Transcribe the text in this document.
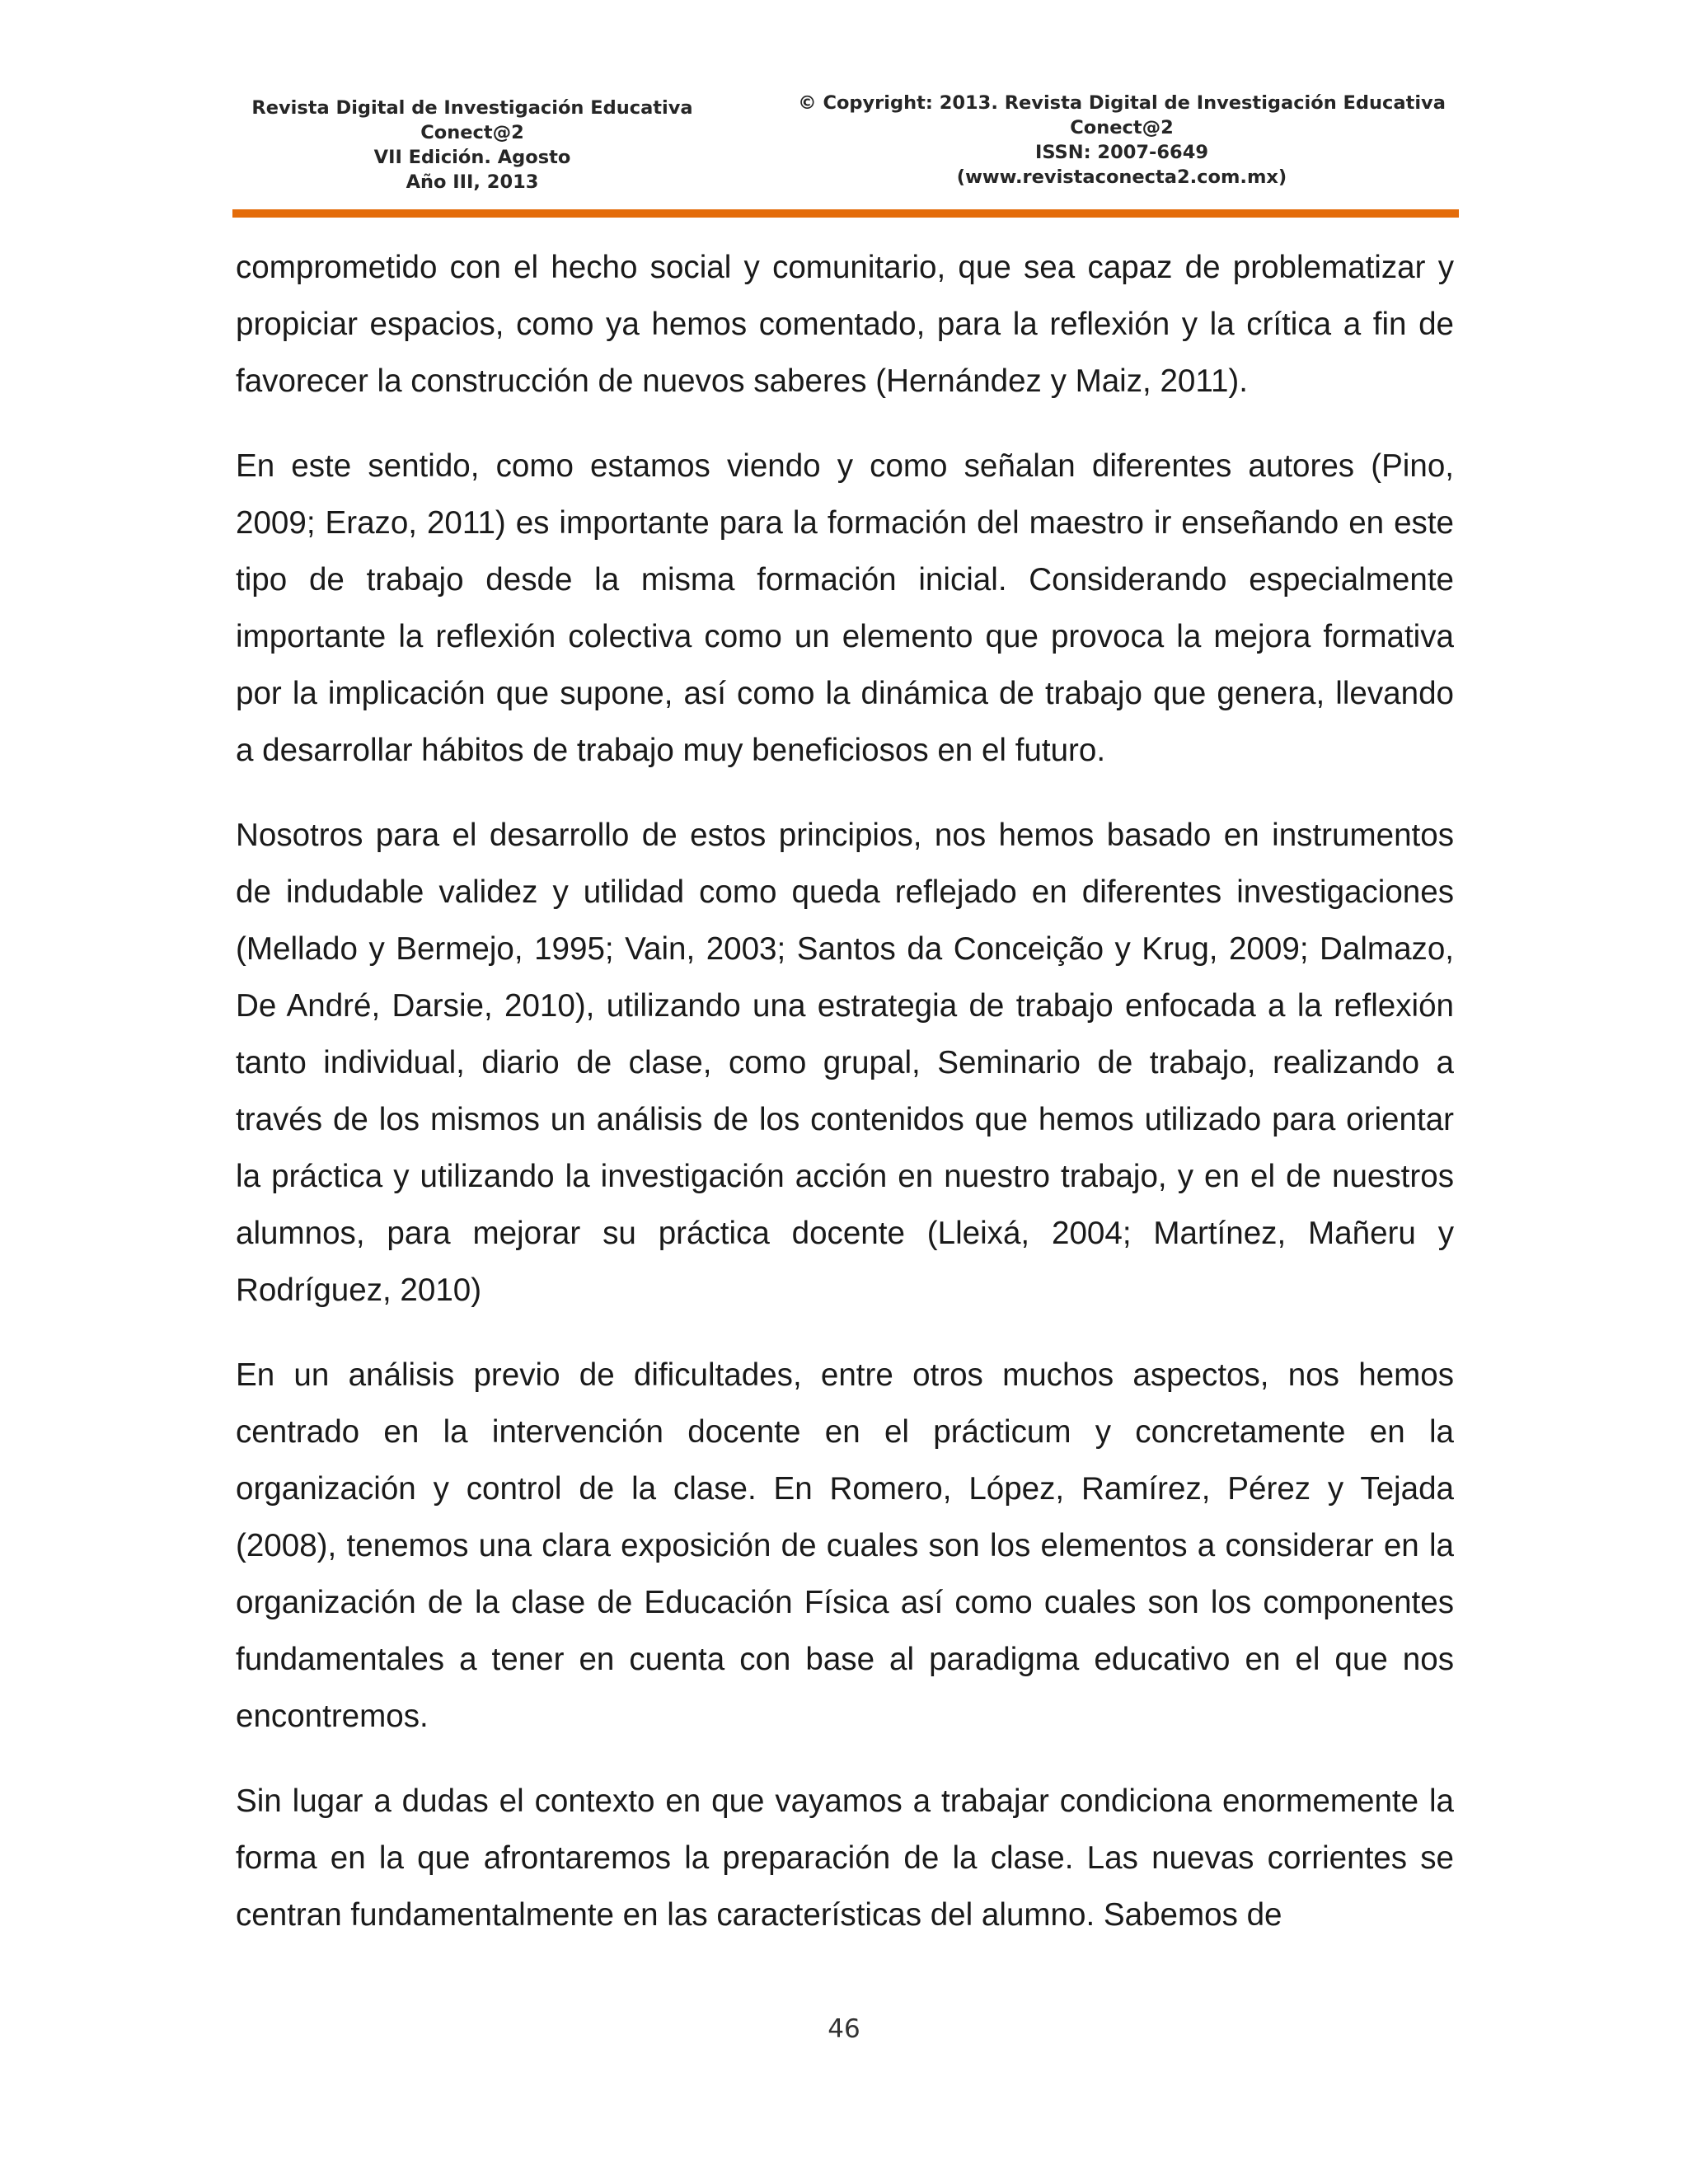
Revista Digital de Investigación Educativa
Conect@2
VII Edición. Agosto
Año III, 2013
© Copyright: 2013. Revista Digital de Investigación Educativa
Conect@2
ISSN: 2007-6649
(www.revistaconecta2.com.mx)

comprometido con el hecho social y comunitario, que sea capaz de problematizar y propiciar espacios, como ya hemos comentado, para la reflexión y la crítica a fin de favorecer la construcción de nuevos saberes (Hernández y Maiz, 2011).

En este sentido, como estamos viendo y como señalan diferentes autores (Pino, 2009; Erazo, 2011) es importante para la formación del maestro ir enseñando en este tipo de trabajo desde la misma formación inicial. Considerando especialmente importante la reflexión colectiva como un elemento que provoca la mejora formativa por la implicación que supone, así como la dinámica de trabajo que genera, llevando a desarrollar hábitos de trabajo muy beneficiosos en el futuro.

Nosotros para el desarrollo de estos principios, nos hemos basado en instrumentos de indudable validez y utilidad como queda reflejado en diferentes investigaciones (Mellado y Bermejo, 1995; Vain, 2003; Santos da Conceição y Krug, 2009; Dalmazo, De André, Darsie, 2010), utilizando una estrategia de trabajo enfocada a la reflexión tanto individual, diario de clase, como grupal, Seminario de trabajo, realizando a través de los mismos un análisis de los contenidos que hemos utilizado para orientar la práctica y utilizando la investigación acción en nuestro trabajo, y en el de nuestros alumnos, para mejorar su práctica docente (Lleixá, 2004; Martínez, Mañeru y Rodríguez, 2010)

En un análisis previo de dificultades, entre otros muchos aspectos, nos hemos centrado en la intervención docente en el prácticum y concretamente en la organización y control de la clase. En Romero, López, Ramírez, Pérez y Tejada (2008), tenemos una clara exposición de cuales son los elementos a considerar en la organización de la clase de Educación Física así como cuales son los componentes fundamentales a tener en cuenta con base al paradigma educativo en el que nos encontremos.

Sin lugar a dudas el contexto en que vayamos a trabajar condiciona enormemente la forma en la que afrontaremos la preparación de la clase. Las nuevas corrientes se centran fundamentalmente en las características del alumno. Sabemos de

46
